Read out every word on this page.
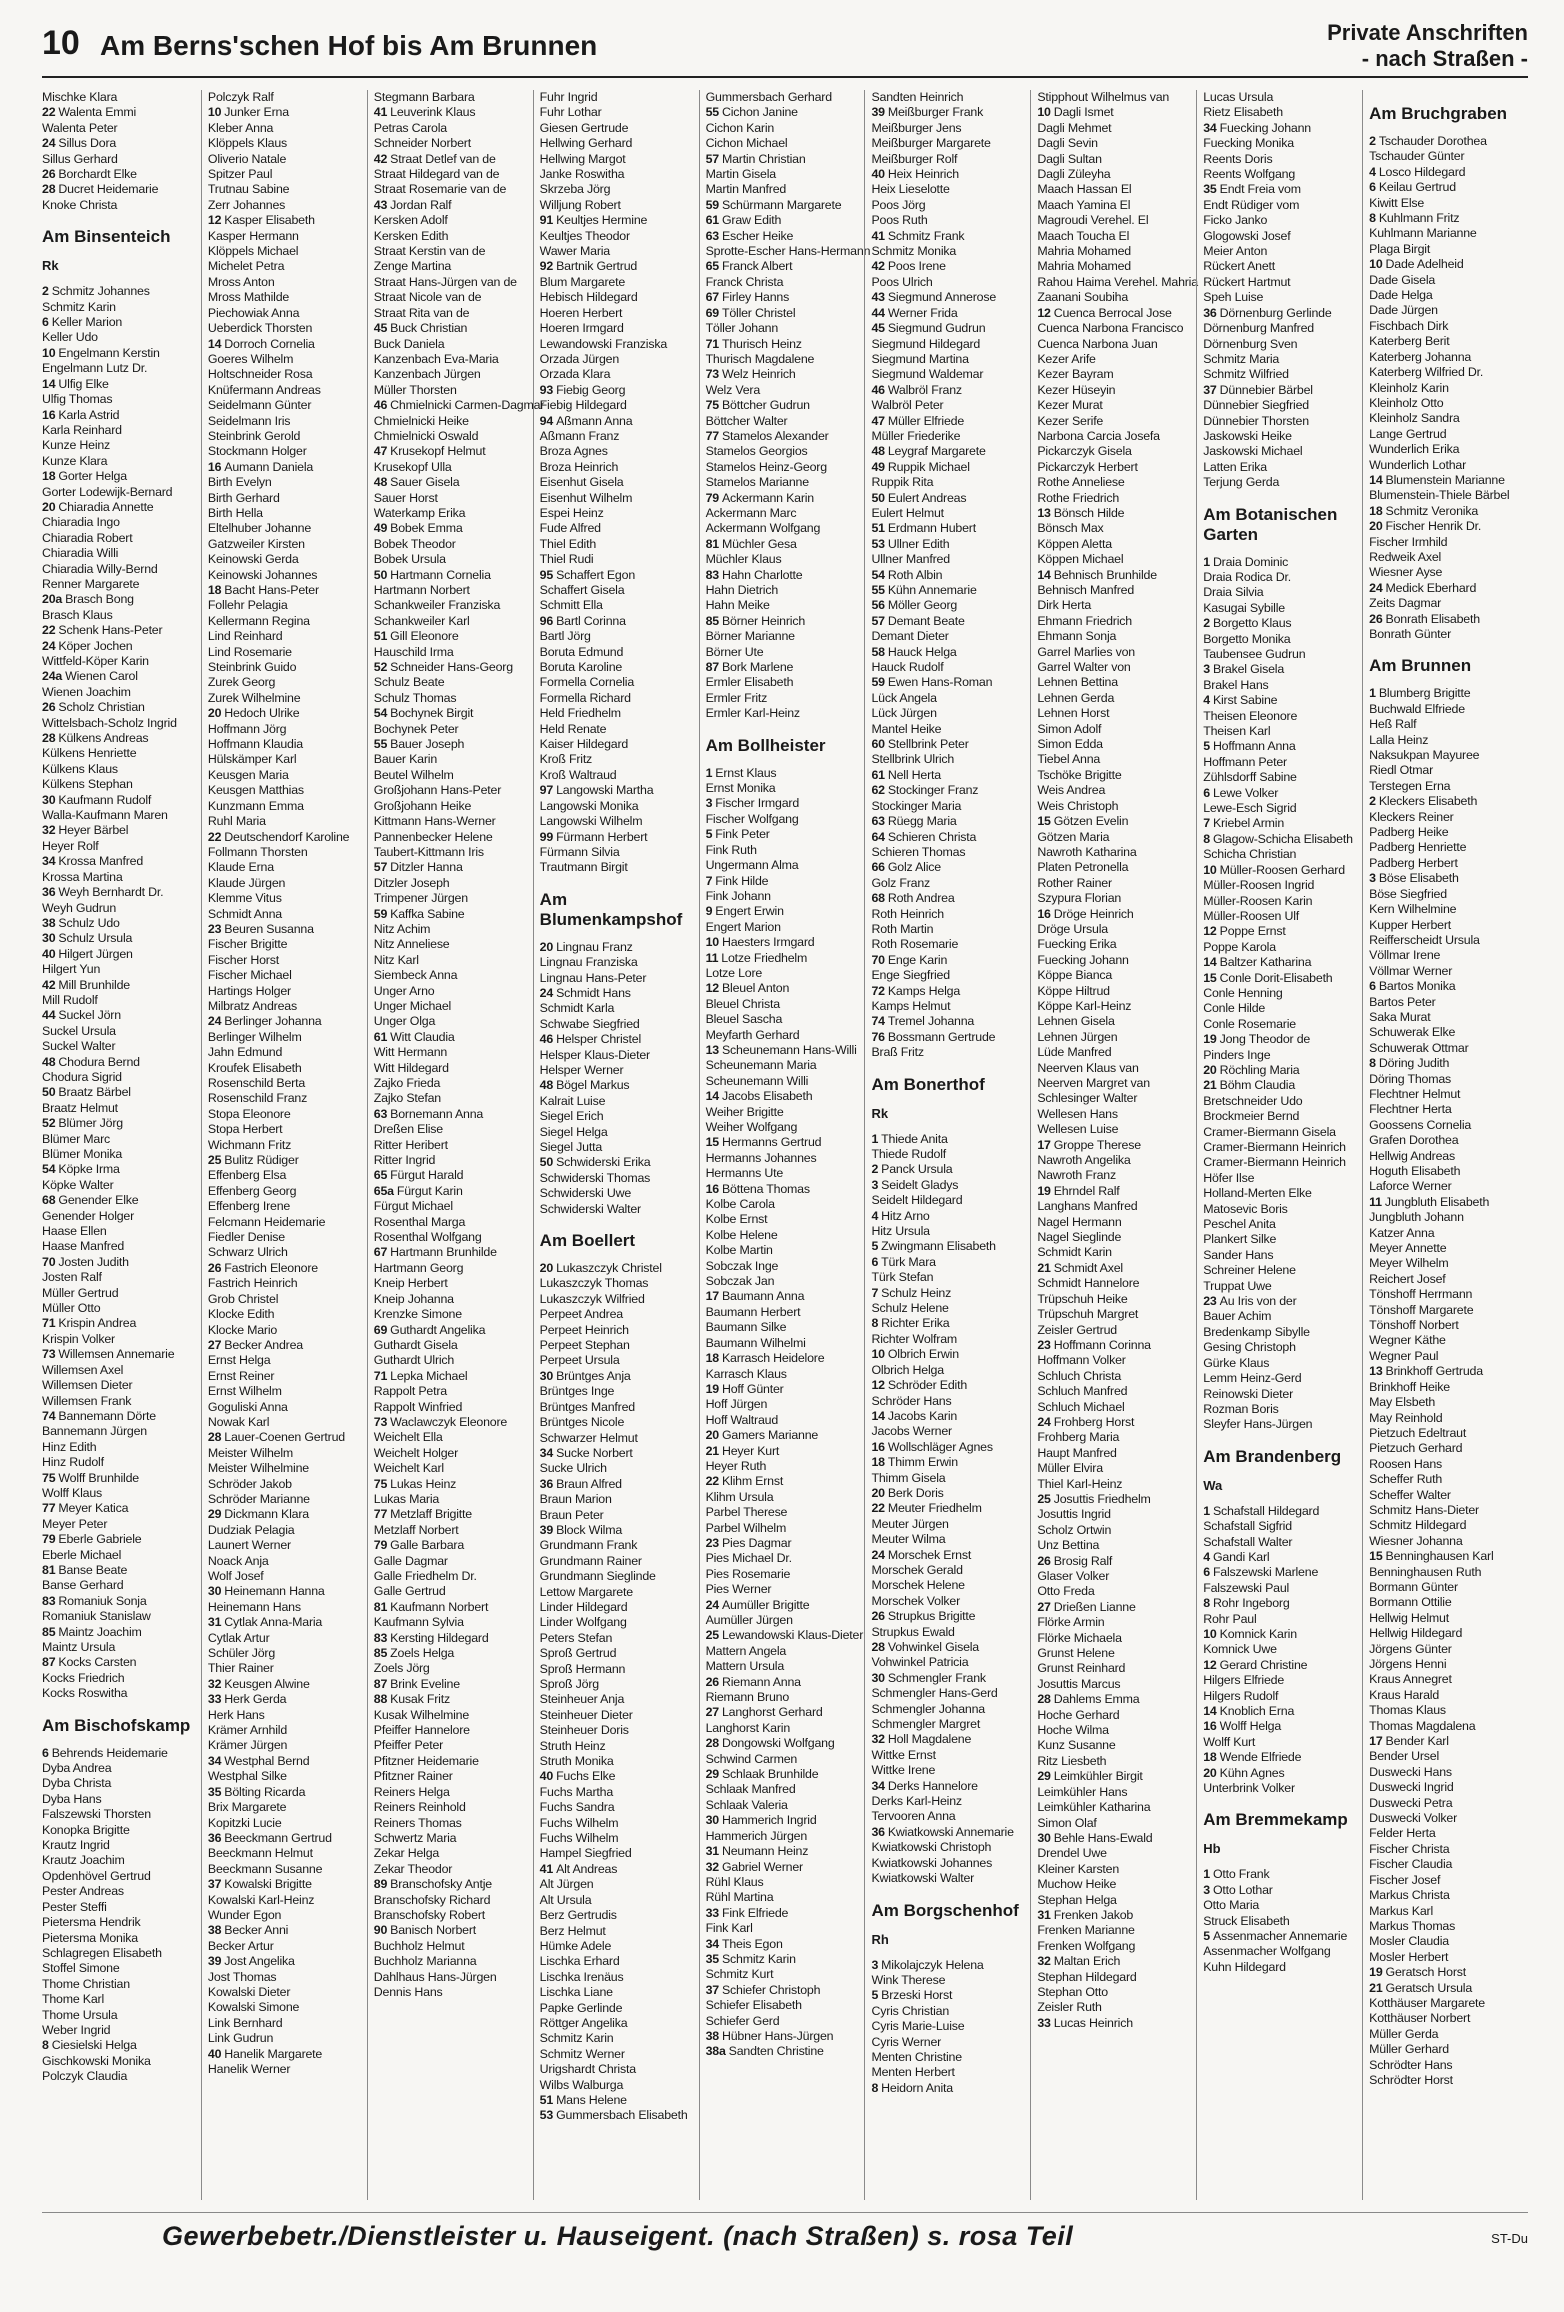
10 Am Berns'schen Hof bis Am Brunnen	Private Anschriften
- nach Straßen -
Mischke Klara
22 Walenta Emmi
Walenta Peter
24 Sillus Dora
Sillus Gerhard
26 Borchardt Elke
28 Ducret Heidemarie
Knoke Christa
Am Binsenteich
Rk
2 Schmitz Johannes
Schmitz Karin
6 Keller Marion
Keller Udo
10 Engelmann Kerstin
Engelmann Lutz Dr.
14 Ulfig Elke
Ulfig Thomas
16 Karla Astrid
Karla Reinhard
Kunze Heinz
Kunze Klara
18 Gorter Helga
Gorter Lodewijk-Bernard
20 Chiaradia Annette
Chiaradia Ingo
Chiaradia Robert
Chiaradia Willi
Chiaradia Willy-Bernd
Renner Margarete
20a Brasch Bong
Brasch Klaus
22 Schenk Hans-Peter
24 Köper Jochen
Wittfeld-Köper Karin
24a Wienen Carol
Wienen Joachim
26 Scholz Christian
Wittelsbach-Scholz Ingrid
28 Külkens Andreas
Külkens Henriette
Külkens Klaus
Külkens Stephan
30 Kaufmann Rudolf
Walla-Kaufmann Maren
32 Heyer Bärbel
Heyer Rolf
34 Krossa Manfred
Krossa Martina
36 Weyh Bernhardt Dr.
Weyh Gudrun
38 Schulz Udo
30 Schulz Ursula
40 Hilgert Jürgen
Hilgert Yun
42 Mill Brunhilde
Mill Rudolf
44 Suckel Jörn
Suckel Ursula
Suckel Walter
48 Chodura Bernd
Chodura Sigrid
50 Braatz Bärbel
Braatz Helmut
52 Blümer Jörg
Blümer Marc
Blümer Monika
54 Köpke Irma
Köpke Walter
68 Genender Elke
Genender Holger
Haase Ellen
Haase Manfred
70 Josten Judith
Josten Ralf
Müller Gertrud
Müller Otto
71 Krispin Andrea
Krispin Volker
73 Willemsen Annemarie
Willemsen Axel
Willemsen Dieter
Willemsen Frank
74 Bannemann Dörte
Bannemann Jürgen
Hinz Edith
Hinz Rudolf
75 Wolff Brunhilde
Wolff Klaus
77 Meyer Katica
Meyer Peter
79 Eberle Gabriele
Eberle Michael
81 Banse Beate
Banse Gerhard
83 Romaniuk Sonja
Romaniuk Stanislaw
85 Maintz Joachim
Maintz Ursula
87 Kocks Carsten
Kocks Friedrich
Kocks Roswitha
Am Bischofskamp
6 Behrends Heidemarie
Dyba Andrea
Dyba Christa
Dyba Hans
Falszewski Thorsten
Konopka Brigitte
Krautz Ingrid
Krautz Joachim
Opdenhövel Gertrud
Pester Andreas
Pester Steffi
Pietersma Hendrik
Pietersma Monika
Schlagregen Elisabeth
Stoffel Simone
Thome Christian
Thome Karl
Thome Ursula
Weber Ingrid
8 Ciesielski Helga
Gischkowski Monika
Polczyk Claudia
Polczyk Ralf
10 Junker Erna
Kleber Anna
Klöppels Klaus
Oliverio Natale
Spitzer Paul
Trutnau Sabine
Zerr Johannes
12 Kasper Elisabeth
Kasper Hermann
Klöppels Michael
Michelet Petra
Mross Anton
Mross Mathilde
Piechowiak Anna
Ueberdick Thorsten
14 Dorroch Cornelia
Goeres Wilhelm
Holtschneider Rosa
Knüfermann Andreas
Seidelmann Günter
Seidelmann Iris
Steinbrink Gerold
Stockmann Holger
16 Aumann Daniela
Birth Evelyn
Birth Gerhard
Birth Hella
Eltelhuber Johanne
Gatzweiler Kirsten
Keinowski Gerda
Keinowski Johannes
18 Bacht Hans-Peter
Follehr Pelagia
Kellermann Regina
Lind Reinhard
Lind Rosemarie
Steinbrink Guido
Zurek Georg
Zurek Wilhelmine
20 Hedoch Ulrike
Hoffmann Jörg
Hoffmann Klaudia
Hülskämper Karl
Keusgen Maria
Keusgen Matthias
Kunzmann Emma
Ruhl Maria
22 Deutschendorf Karoline
Follmann Thorsten
Klaude Erna
Klaude Jürgen
Klemme Vitus
Schmidt Anna
23 Beuren Susanna
Fischer Brigitte
Fischer Horst
Fischer Michael
Hartings Holger
Milbratz Andreas
24 Berlinger Johanna
Berlinger Wilhelm
Jahn Edmund
Kroufek Elisabeth
Rosenschild Berta
Rosenschild Franz
Stopa Eleonore
Stopa Herbert
Wichmann Fritz
25 Bulitz Rüdiger
Effenberg Elsa
Effenberg Georg
Effenberg Irene
Felcmann Heidemarie
Fiedler Denise
Schwarz Ulrich
26 Fastrich Eleonore
Fastrich Heinrich
Grob Christel
Klocke Edith
Klocke Mario
27 Becker Andrea
Ernst Helga
Ernst Reiner
Ernst Wilhelm
Goguliski Anna
Nowak Karl
28 Lauer-Coenen Gertrud
Meister Wilhelm
Meister Wilhelmine
Schröder Jakob
Schröder Marianne
29 Dickmann Klara
Dudziak Pelagia
Launert Werner
Noack Anja
Wolf Josef
30 Heinemann Hanna
Heinemann Hans
31 Cytlak Anna-Maria
Cytlak Artur
Schüler Jörg
Thier Rainer
32 Keusgen Alwine
33 Herk Gerda
Herk Hans
Krämer Arnhild
Krämer Jürgen
34 Westphal Bernd
Westphal Silke
35 Bölting Ricarda
Brix Margarete
Kopitzki Lucie
36 Beeckmann Gertrud
Beeckmann Helmut
Beeckmann Susanne
37 Kowalski Brigitte
Kowalski Karl-Heinz
Wunder Egon
38 Becker Anni
Becker Artur
39 Jost Angelika
Jost Thomas
Kowalski Dieter
Kowalski Simone
Link Bernhard
Link Gudrun
40 Hanelik Margarete
Hanelik Werner
Stegmann Barbara
41 Leuverink Klaus
Petras Carola
Schneider Norbert
42 Straat Detlef van de
Straat Hildegard van de
Straat Rosemarie van de
43 Jordan Ralf
Kersken Adolf
Kersken Edith
Straat Kerstin van de
Zenge Martina
Straat Hans-Jürgen van de
Straat Nicole van de
Straat Rita van de
45 Buck Christian
Buck Daniela
Kanzenbach Eva-Maria
Kanzenbach Jürgen
Müller Thorsten
46 Chmielnicki Carmen-Dagmar
Chmielnicki Heike
Chmielnicki Oswald
47 Krusekopf Helmut
Krusekopf Ulla
48 Sauer Gisela
Sauer Horst
Waterkamp Erika
49 Bobek Emma
Bobek Theodor
Bobek Ursula
50 Hartmann Cornelia
Hartmann Norbert
Schankweiler Franziska
Schankweiler Karl
51 Gill Eleonore
Hauschild Irma
52 Schneider Hans-Georg
Schulz Beate
Schulz Thomas
54 Bochynek Birgit
Bochynek Peter
55 Bauer Joseph
Bauer Karin
Beutel Wilhelm
Großjohann Hans-Peter
Großjohann Heike
Kittmann Hans-Werner
Pannenbecker Helene
Taubert-Kittmann Iris
57 Ditzler Hanna
Ditzler Joseph
Trimpener Jürgen
59 Kaffka Sabine
Nitz Achim
Nitz Anneliese
Nitz Karl
Siembeck Anna
Unger Arno
Unger Michael
Unger Olga
61 Witt Claudia
Witt Hermann
Witt Hildegard
Zajko Frieda
Zajko Stefan
63 Bornemann Anna
Dreßen Elise
Ritter Heribert
Ritter Ingrid
65 Fürgut Harald
65a Fürgut Karin
Fürgut Michael
Rosenthal Marga
Rosenthal Wolfgang
67 Hartmann Brunhilde
Hartmann Georg
Kneip Herbert
Kneip Johanna
Krenzke Simone
69 Guthardt Angelika
Guthardt Gisela
Guthardt Ulrich
71 Lepka Michael
Rappolt Petra
Rappolt Winfried
73 Waclawczyk Eleonore
Weichelt Ella
Weichelt Holger
Weichelt Karl
75 Lukas Heinz
Lukas Maria
77 Metzlaff Brigitte
Metzlaff Norbert
79 Galle Barbara
Galle Dagmar
Galle Friedhelm Dr.
Galle Gertrud
81 Kaufmann Norbert
Kaufmann Sylvia
83 Kersting Hildegard
85 Zoels Helga
Zoels Jörg
87 Brink Eveline
88 Kusak Fritz
Kusak Wilhelmine
Pfeiffer Hannelore
Pfeiffer Peter
Pfitzner Heidemarie
Pfitzner Rainer
Reiners Helga
Reiners Reinhold
Reiners Thomas
Schwertz Maria
Zekar Helga
Zekar Theodor
89 Branschofsky Antje
Branschofsky Richard
Branschofsky Robert
90 Banisch Norbert
Buchholz Helmut
Buchholz Marianna
Dahlhaus Hans-Jürgen
Dennis Hans
Fuhr Ingrid
Fuhr Lothar
Giesen Gertrude
Hellwing Gerhard
Hellwing Margot
Janke Roswitha
Skrzeba Jörg
Willjung Robert
91 Keultjes Hermine
Keultjes Theodor
Wawer Maria
92 Bartnik Gertrud
Blum Margarete
Hebisch Hildegard
Hoeren Herbert
Hoeren Irmgard
Lewandowski Franziska
Orzada Jürgen
Orzada Klara
93 Fiebig Georg
Fiebig Hildegard
94 Aßmann Anna
Aßmann Franz
Broza Agnes
Broza Heinrich
Eisenhut Gisela
Eisenhut Wilhelm
Espei Heinz
Fude Alfred
Thiel Edith
Thiel Rudi
95 Schaffert Egon
Schaffert Gisela
Schmitt Ella
96 Bartl Corinna
Bartl Jörg
Boruta Edmund
Boruta Karoline
Formella Cornelia
Formella Richard
Held Friedhelm
Held Renate
Kaiser Hildegard
Kroß Fritz
Kroß Waltraud
97 Langowski Martha
Langowski Monika
Langowski Wilhelm
99 Fürmann Herbert
Fürmann Silvia
Trautmann Birgit
Am Blumenkampshof
20 Lingnau Franz
Lingnau Franziska
Lingnau Hans-Peter
24 Schmidt Hans
Schmidt Karla
Schwabe Siegfried
46 Helsper Christel
Helsper Klaus-Dieter
Helsper Werner
48 Bögel Markus
Kalrait Luise
Siegel Erich
Siegel Helga
Siegel Jutta
50 Schwiderski Erika
Schwiderski Thomas
Schwiderski Uwe
Schwiderski Walter
Am Boellert
20 Lukaszczyk Christel
Lukaszczyk Thomas
Lukaszczyk Wilfried
Perpeet Andrea
Perpeet Heinrich
Perpeet Stephan
Perpeet Ursula
30 Brüntges Anja
Brüntges Inge
Brüntges Manfred
Brüntges Nicole
Schwarzer Helmut
34 Sucke Norbert
Sucke Ulrich
36 Braun Alfred
Braun Marion
Braun Peter
39 Block Wilma
Grundmann Frank
Grundmann Rainer
Grundmann Sieglinde
Lettow Margarete
Linder Hildegard
Linder Wolfgang
Peters Stefan
Sproß Gertrud
Sproß Hermann
Sproß Jörg
Steinheuer Anja
Steinheuer Dieter
Steinheuer Doris
Struth Heinz
Struth Monika
40 Fuchs Elke
Fuchs Martha
Fuchs Sandra
Fuchs Wilhelm
Fuchs Wilhelm
Hampel Siegfried
41 Alt Andreas
Alt Jürgen
Alt Ursula
Berz Gertrudis
Berz Helmut
Hümke Adele
Lischka Erhard
Lischka Irenäus
Lischka Liane
Papke Gerlinde
Röttger Angelika
Schmitz Karin
Schmitz Werner
Urigshardt Christa
Wilbs Walburga
51 Mans Helene
53 Gummersbach Elisabeth
Gummersbach Gerhard
55 Cichon Janine
Cichon Karin
Cichon Michael
57 Martin Christian
Martin Gisela
Martin Manfred
59 Schürmann Margarete
61 Graw Edith
63 Escher Heike
Sprotte-Escher Hans-Hermann
65 Franck Albert
Franck Christa
67 Firley Hanns
69 Töller Christel
Töller Johann
71 Thurisch Heinz
Thurisch Magdalene
73 Welz Heinrich
Welz Vera
75 Böttcher Gudrun
Böttcher Walter
77 Stamelos Alexander
Stamelos Georgios
Stamelos Heinz-Georg
Stamelos Marianne
79 Ackermann Karin
Ackermann Marc
Ackermann Wolfgang
81 Müchler Gesa
Müchler Klaus
83 Hahn Charlotte
Hahn Dietrich
Hahn Meike
85 Börner Heinrich
Börner Marianne
Börner Ute
87 Bork Marlene
Ermler Elisabeth
Ermler Fritz
Ermler Karl-Heinz
Am Bollheister
1 Ernst Klaus
Ernst Monika
3 Fischer Irmgard
Fischer Wolfgang
5 Fink Peter
Fink Ruth
Ungermann Alma
7 Fink Hilde
Fink Johann
9 Engert Erwin
Engert Marion
10 Haesters Irmgard
11 Lotze Friedhelm
Lotze Lore
12 Bleuel Anton
Bleuel Christa
Bleuel Sascha
Meyfarth Gerhard
13 Scheunemann Hans-Willi
Scheunemann Maria
Scheunemann Willi
14 Jacobs Elisabeth
Weiher Brigitte
Weiher Wolfgang
15 Hermanns Gertrud
Hermanns Johannes
Hermanns Ute
16 Böttena Thomas
Kolbe Carola
Kolbe Ernst
Kolbe Helene
Kolbe Martin
Sobczak Inge
Sobczak Jan
17 Baumann Anna
Baumann Herbert
Baumann Silke
Baumann Wilhelmi
18 Karrasch Heidelore
Karrasch Klaus
19 Hoff Günter
Hoff Jürgen
Hoff Waltraud
20 Gamers Marianne
21 Heyer Kurt
Heyer Ruth
22 Klihm Ernst
Klihm Ursula
Parbel Therese
Parbel Wilhelm
23 Pies Dagmar
Pies Michael Dr.
Pies Rosemarie
Pies Werner
24 Aumüller Brigitte
Aumüller Jürgen
25 Lewandowski Klaus-Dieter
Mattern Angela
Mattern Ursula
26 Riemann Anna
Riemann Bruno
27 Langhorst Gerhard
Langhorst Karin
28 Dongowski Wolfgang
Schwind Carmen
29 Schlaak Brunhilde
Schlaak Manfred
Schlaak Valeria
30 Hammerich Ingrid
Hammerich Jürgen
31 Neumann Heinz
32 Gabriel Werner
Rühl Klaus
Rühl Martina
33 Fink Elfriede
Fink Karl
34 Theis Egon
35 Schmitz Karin
Schmitz Kurt
37 Schiefer Christoph
Schiefer Elisabeth
Schiefer Gerd
38 Hübner Hans-Jürgen
38a Sandten Christine
Sandten Heinrich
39 Meißburger Frank
Meißburger Jens
Meißburger Margarete
Meißburger Rolf
40 Heix Heinrich
Heix Lieselotte
Poos Jörg
Poos Ruth
41 Schmitz Frank
Schmitz Monika
42 Poos Irene
Poos Ulrich
43 Siegmund Annerose
44 Werner Frida
45 Siegmund Gudrun
Siegmund Hildegard
Siegmund Martina
Siegmund Waldemar
46 Walbröl Franz
Walbröl Peter
47 Müller Elfriede
Müller Friederike
48 Leygraf Margarete
49 Ruppik Michael
Ruppik Rita
50 Eulert Andreas
Eulert Helmut
51 Erdmann Hubert
53 Ullner Edith
Ullner Manfred
54 Roth Albin
55 Kühn Annemarie
56 Möller Georg
57 Demant Beate
Demant Dieter
58 Hauck Helga
Hauck Rudolf
59 Ewen Hans-Roman
Lück Angela
Lück Jürgen
Mantel Heike
60 Stellbrink Peter
Stellbrink Ulrich
61 Nell Herta
62 Stockinger Franz
Stockinger Maria
63 Rüegg Maria
64 Schieren Christa
Schieren Thomas
66 Golz Alice
Golz Franz
68 Roth Andrea
Roth Heinrich
Roth Martin
Roth Rosemarie
70 Enge Karin
Enge Siegfried
72 Kamps Helga
Kamps Helmut
74 Tremel Johanna
76 Bossmann Gertrude
Braß Fritz
Am Bonerthof
Rk
1 Thiede Anita
Thiede Rudolf
2 Panck Ursula
3 Seidelt Gladys
Seidelt Hildegard
4 Hitz Arno
Hitz Ursula
5 Zwingmann Elisabeth
6 Türk Mara
Türk Stefan
7 Schulz Heinz
Schulz Helene
8 Richter Erika
Richter Wolfram
10 Olbrich Erwin
Olbrich Helga
12 Schröder Edith
Schröder Hans
14 Jacobs Karin
Jacobs Werner
16 Wollschläger Agnes
18 Thimm Erwin
Thimm Gisela
20 Berk Doris
22 Meuter Friedhelm
Meuter Jürgen
Meuter Wilma
24 Morschek Ernst
Morschek Gerald
Morschek Helene
Morschek Volker
26 Strupkus Brigitte
Strupkus Ewald
28 Vohwinkel Gisela
Vohwinkel Patricia
30 Schmengler Frank
Schmengler Hans-Gerd
Schmengler Johanna
Schmengler Margret
32 Holl Magdalene
Wittke Ernst
Wittke Irene
34 Derks Hannelore
Derks Karl-Heinz
Tervooren Anna
36 Kwiatkowski Annemarie
Kwiatkowski Christoph
Kwiatkowski Johannes
Kwiatkowski Walter
Am Borgschenhof
Rh
3 Mikolajczyk Helena
Wink Therese
5 Brzeski Horst
Cyris Christian
Cyris Marie-Luise
Cyris Werner
Menten Christine
Menten Herbert
8 Heidorn Anita
Stipphout Wilhelmus van
10 Dagli Ismet
Dagli Mehmet
Dagli Sevin
Dagli Sultan
Dagli Züleyha
Maach Hassan El
Maach Yamina El
Magroudi Verehel. El
Maach Toucha El
Mahria Mohamed
Mahria Mohamed
Rahou Haima Verehel. Mahria
Zaanani Soubiha
12 Cuenca Berrocal Jose
Cuenca Narbona Francisco
Cuenca Narbona Juan
Kezer Arife
Kezer Bayram
Kezer Hüseyin
Kezer Murat
Kezer Serife
Narbona Carcia Josefa
Pickarczyk Gisela
Pickarczyk Herbert
Rothe Anneliese
Rothe Friedrich
13 Bönsch Hilde
Bönsch Max
Köppen Aletta
Köppen Michael
14 Behnisch Brunhilde
Behnisch Manfred
Dirk Herta
Ehmann Friedrich
Ehmann Sonja
Garrel Marlies von
Garrel Walter von
Lehnen Bettina
Lehnen Gerda
Lehnen Horst
Simon Adolf
Simon Edda
Tiebel Anna
Tschöke Brigitte
Weis Andrea
Weis Christoph
15 Götzen Evelin
Götzen Maria
Nawroth Katharina
Platen Petronella
Rother Rainer
Szypura Florian
16 Dröge Heinrich
Dröge Ursula
Fuecking Erika
Fuecking Johann
Köppe Bianca
Köppe Hiltrud
Köppe Karl-Heinz
Lehnen Gisela
Lehnen Jürgen
Lüde Manfred
Neerven Klaus van
Neerven Margret van
Schlesinger Walter
Wellesen Hans
Wellesen Luise
17 Groppe Therese
Nawroth Angelika
Nawroth Franz
19 Ehrndel Ralf
Langhans Manfred
Nagel Hermann
Nagel Sieglinde
Schmidt Karin
21 Schmidt Axel
Schmidt Hannelore
Trüpschuh Heike
Trüpschuh Margret
Zeisler Gertrud
23 Hoffmann Corinna
Hoffmann Volker
Schluch Christa
Schluch Manfred
Schluch Michael
24 Frohberg Horst
Frohberg Maria
Haupt Manfred
Müller Elvira
Thiel Karl-Heinz
25 Josuttis Friedhelm
Josuttis Ingrid
Scholz Ortwin
Unz Bettina
26 Brosig Ralf
Glaser Volker
Otto Freda
27 Drießen Lianne
Flörke Armin
Flörke Michaela
Grunst Helene
Grunst Reinhard
Josuttis Marcus
28 Dahlems Emma
Hoche Gerhard
Hoche Wilma
Kunz Susanne
Ritz Liesbeth
29 Leimkühler Birgit
Leimkühler Hans
Leimkühler Katharina
Simon Olaf
30 Behle Hans-Ewald
Drendel Uwe
Kleiner Karsten
Muchow Heike
Stephan Helga
31 Frenken Jakob
Frenken Marianne
Frenken Wolfgang
32 Maltan Erich
Stephan Hildegard
Stephan Otto
Zeisler Ruth
33 Lucas Heinrich
Lucas Ursula
Rietz Elisabeth
34 Fuecking Johann
Fuecking Monika
Reents Doris
Reents Wolfgang
35 Endt Freia vom
Endt Rüdiger vom
Ficko Janko
Glogowski Josef
Meier Anton
Rückert Anett
Rückert Hartmut
Speh Luise
36 Dörnenburg Gerlinde
Dörnenburg Manfred
Dörnenburg Sven
Schmitz Maria
Schmitz Wilfried
37 Dünnebier Bärbel
Dünnebier Siegfried
Dünnebier Thorsten
Jaskowski Heike
Jaskowski Michael
Latten Erika
Terjung Gerda
Am Botanischen Garten
1 Draia Dominic
Draia Rodica Dr.
Draia Silvia
Kasugai Sybille
2 Borgetto Klaus
Borgetto Monika
Taubensee Gudrun
3 Brakel Gisela
Brakel Hans
4 Kirst Sabine
Theisen Eleonore
Theisen Karl
5 Hoffmann Anna
Hoffmann Peter
Zühlsdorff Sabine
6 Lewe Volker
Lewe-Esch Sigrid
7 Kriebel Armin
8 Glagow-Schicha Elisabeth
Schicha Christian
10 Müller-Roosen Gerhard
Müller-Roosen Ingrid
Müller-Roosen Karin
Müller-Roosen Ulf
12 Poppe Ernst
Poppe Karola
14 Baltzer Katharina
15 Conle Dorit-Elisabeth
Conle Henning
Conle Hilde
Conle Rosemarie
19 Jong Theodor de
Pinders Inge
20 Röchling Maria
21 Böhm Claudia
Bretschneider Udo
Brockmeier Bernd
Cramer-Biermann Gisela
Cramer-Biermann Heinrich
Cramer-Biermann Heinrich
Höfer Ilse
Holland-Merten Elke
Matosevic Boris
Peschel Anita
Plankert Silke
Sander Hans
Schreiner Helene
Truppat Uwe
23 Au Iris von der
Bauer Achim
Bredenkamp Sibylle
Gesing Christoph
Gürke Klaus
Lemm Heinz-Gerd
Reinowski Dieter
Rozman Boris
Sleyfer Hans-Jürgen
Am Brandenberg
Wa
1 Schafstall Hildegard
Schafstall Sigfrid
Schafstall Walter
4 Gandi Karl
6 Falszewski Marlene
Falszewski Paul
8 Rohr Ingeborg
Rohr Paul
10 Komnick Karin
Komnick Uwe
12 Gerard Christine
Hilgers Elfriede
Hilgers Rudolf
14 Knoblich Erna
16 Wolff Helga
Wolff Kurt
18 Wende Elfriede
20 Kühn Agnes
Unterbrink Volker
Am Bremmekamp
Hb
1 Otto Frank
3 Otto Lothar
Otto Maria
Struck Elisabeth
5 Assenmacher Annemarie
Assenmacher Wolfgang
Kuhn Hildegard
Am Bruchgraben
2 Tschauder Dorothea
Tschauder Günter
4 Losco Hildegard
6 Keilau Gertrud
Kiwitt Else
8 Kuhlmann Fritz
Kuhlmann Marianne
Plaga Birgit
10 Dade Adelheid
Dade Gisela
Dade Helga
Dade Jürgen
Fischbach Dirk
Katerberg Berit
Katerberg Johanna
Katerberg Wilfried Dr.
Kleinholz Karin
Kleinholz Otto
Kleinholz Sandra
Lange Gertrud
Wunderlich Erika
Wunderlich Lothar
14 Blumenstein Marianne
Blumenstein-Thiele Bärbel
18 Schmitz Veronika
20 Fischer Henrik Dr.
Fischer Irmhild
Redweik Axel
Wiesner Ayse
24 Medick Eberhard
Zeits Dagmar
26 Bonrath Elisabeth
Bonrath Günter
Am Brunnen
1 Blumberg Brigitte
Buchwald Elfriede
Heß Ralf
Lalla Heinz
Naksukpan Mayuree
Riedl Otmar
Terstegen Erna
2 Kleckers Elisabeth
Kleckers Reiner
Padberg Heike
Padberg Henriette
Padberg Herbert
3 Böse Elisabeth
Böse Siegfried
Kern Wilhelmine
Kupper Herbert
Reifferscheidt Ursula
Völlmar Irene
Völlmar Werner
6 Bartos Monika
Bartos Peter
Saka Murat
Schuwerak Elke
Schuwerak Ottmar
8 Döring Judith
Döring Thomas
Flechtner Helmut
Flechtner Herta
Goossens Cornelia
Grafen Dorothea
Hellwig Andreas
Hoguth Elisabeth
Laforce Werner
11 Jungbluth Elisabeth
Jungbluth Johann
Katzer Anna
Meyer Annette
Meyer Wilhelm
Reichert Josef
Tönshoff Herrmann
Tönshoff Margarete
Tönshoff Norbert
Wegner Käthe
Wegner Paul
13 Brinkhoff Gertruda
Brinkhoff Heike
May Elsbeth
May Reinhold
Pietzuch Edeltraut
Pietzuch Gerhard
Roosen Hans
Scheffer Ruth
Scheffer Walter
Schmitz Hans-Dieter
Schmitz Hildegard
Wiesner Johanna
15 Benninghausen Karl
Benninghausen Ruth
Bormann Günter
Bormann Ottilie
Hellwig Helmut
Hellwig Hildegard
Jörgens Günter
Jörgens Henni
Kraus Annegret
Kraus Harald
Thomas Klaus
Thomas Magdalena
17 Bender Karl
Bender Ursel
Duswecki Hans
Duswecki Ingrid
Duswecki Petra
Duswecki Volker
Felder Herta
Fischer Christa
Fischer Claudia
Fischer Josef
Markus Christa
Markus Karl
Markus Thomas
Mosler Claudia
Mosler Herbert
19 Geratsch Horst
21 Geratsch Ursula
Kotthäuser Margarete
Kotthäuser Norbert
Müller Gerda
Müller Gerhard
Schrödter Hans
Schrödter Horst
Gewerbebetr./Dienstleister u. Hauseigent. (nach Straßen) s. rosa Teil	ST-Du
